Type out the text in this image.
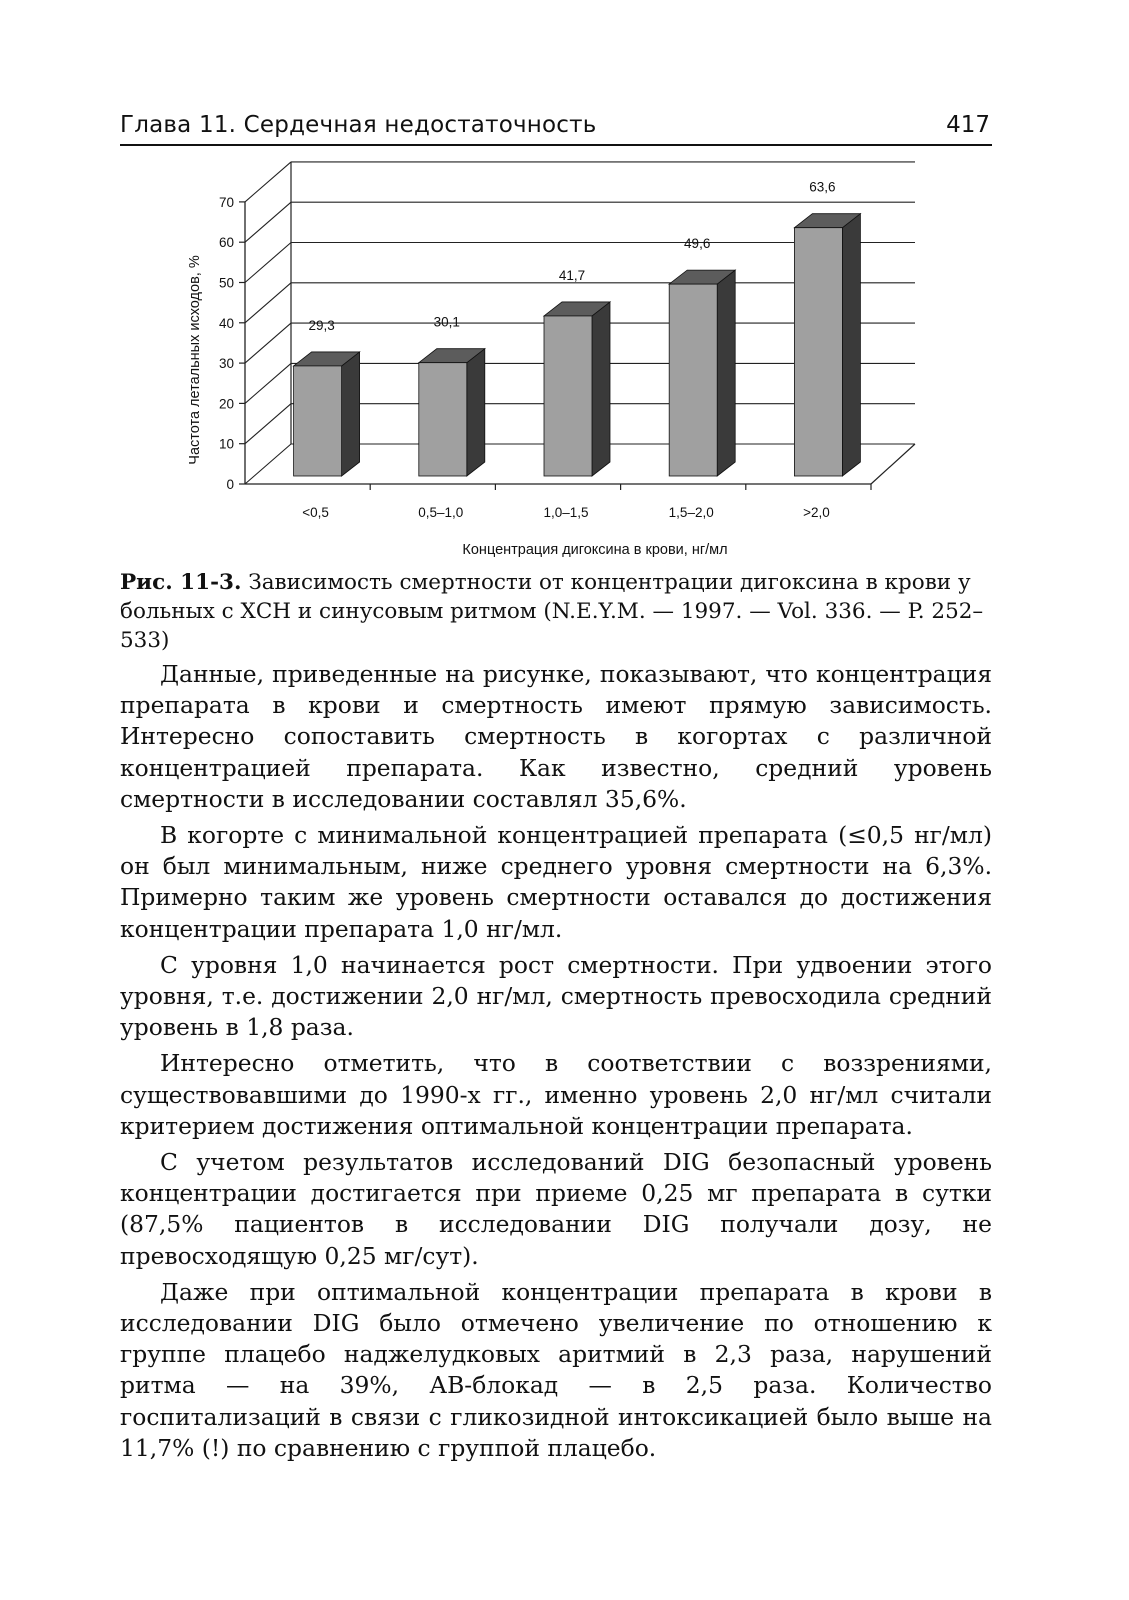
Глава 11. Сердечная недостаточность	417
0
10
20
30
40
50
60
70
29,3
<0,5
30,1
0,5–1,0
41,7
1,0–1,5
49,6
1,5–2,0
63,6
>2,0
Частота летальных исходов, %
Концентрация дигоксина в крови, нг/мл
Рис. 11-3. Зависимость смертности от концентрации дигоксина в крови у больных с ХСН и синусовым ритмом (N.E.Y.M. — 1997. — Vol. 336. — P. 252–533)

Данные, приведенные на рисунке, показывают, что концентрация препарата в крови и смертность имеют прямую зависимость. Интересно сопоставить смертность в когортах с различной концентрацией препарата. Как известно, средний уровень смертности в исследовании составлял 35,6%.

В когорте с минимальной концентрацией препарата (≤0,5 нг/мл) он был минимальным, ниже среднего уровня смертности на 6,3%. Примерно таким же уровень смертности оставался до достижения концентрации препарата 1,0 нг/мл.

С уровня 1,0 начинается рост смертности. При удвоении этого уровня, т.е. достижении 2,0 нг/мл, смертность превосходила средний уровень в 1,8 раза.

Интересно отметить, что в соответствии с воззрениями, существовавшими до 1990-х гг., именно уровень 2,0 нг/мл считали критерием достижения оптимальной концентрации препарата.

С учетом результатов исследований DIG безопасный уровень концентрации достигается при приеме 0,25 мг препарата в сутки (87,5% пациентов в исследовании DIG получали дозу, не превосходящую 0,25 мг/сут).

Даже при оптимальной концентрации препарата в крови в исследовании DIG было отмечено увеличение по отношению к группе плацебо наджелудковых аритмий в 2,3 раза, нарушений ритма — на 39%, АВ-блокад — в 2,5 раза. Количество госпитализаций в связи с гликозидной интоксикацией было выше на 11,7% (!) по сравнению с группой плацебо.
